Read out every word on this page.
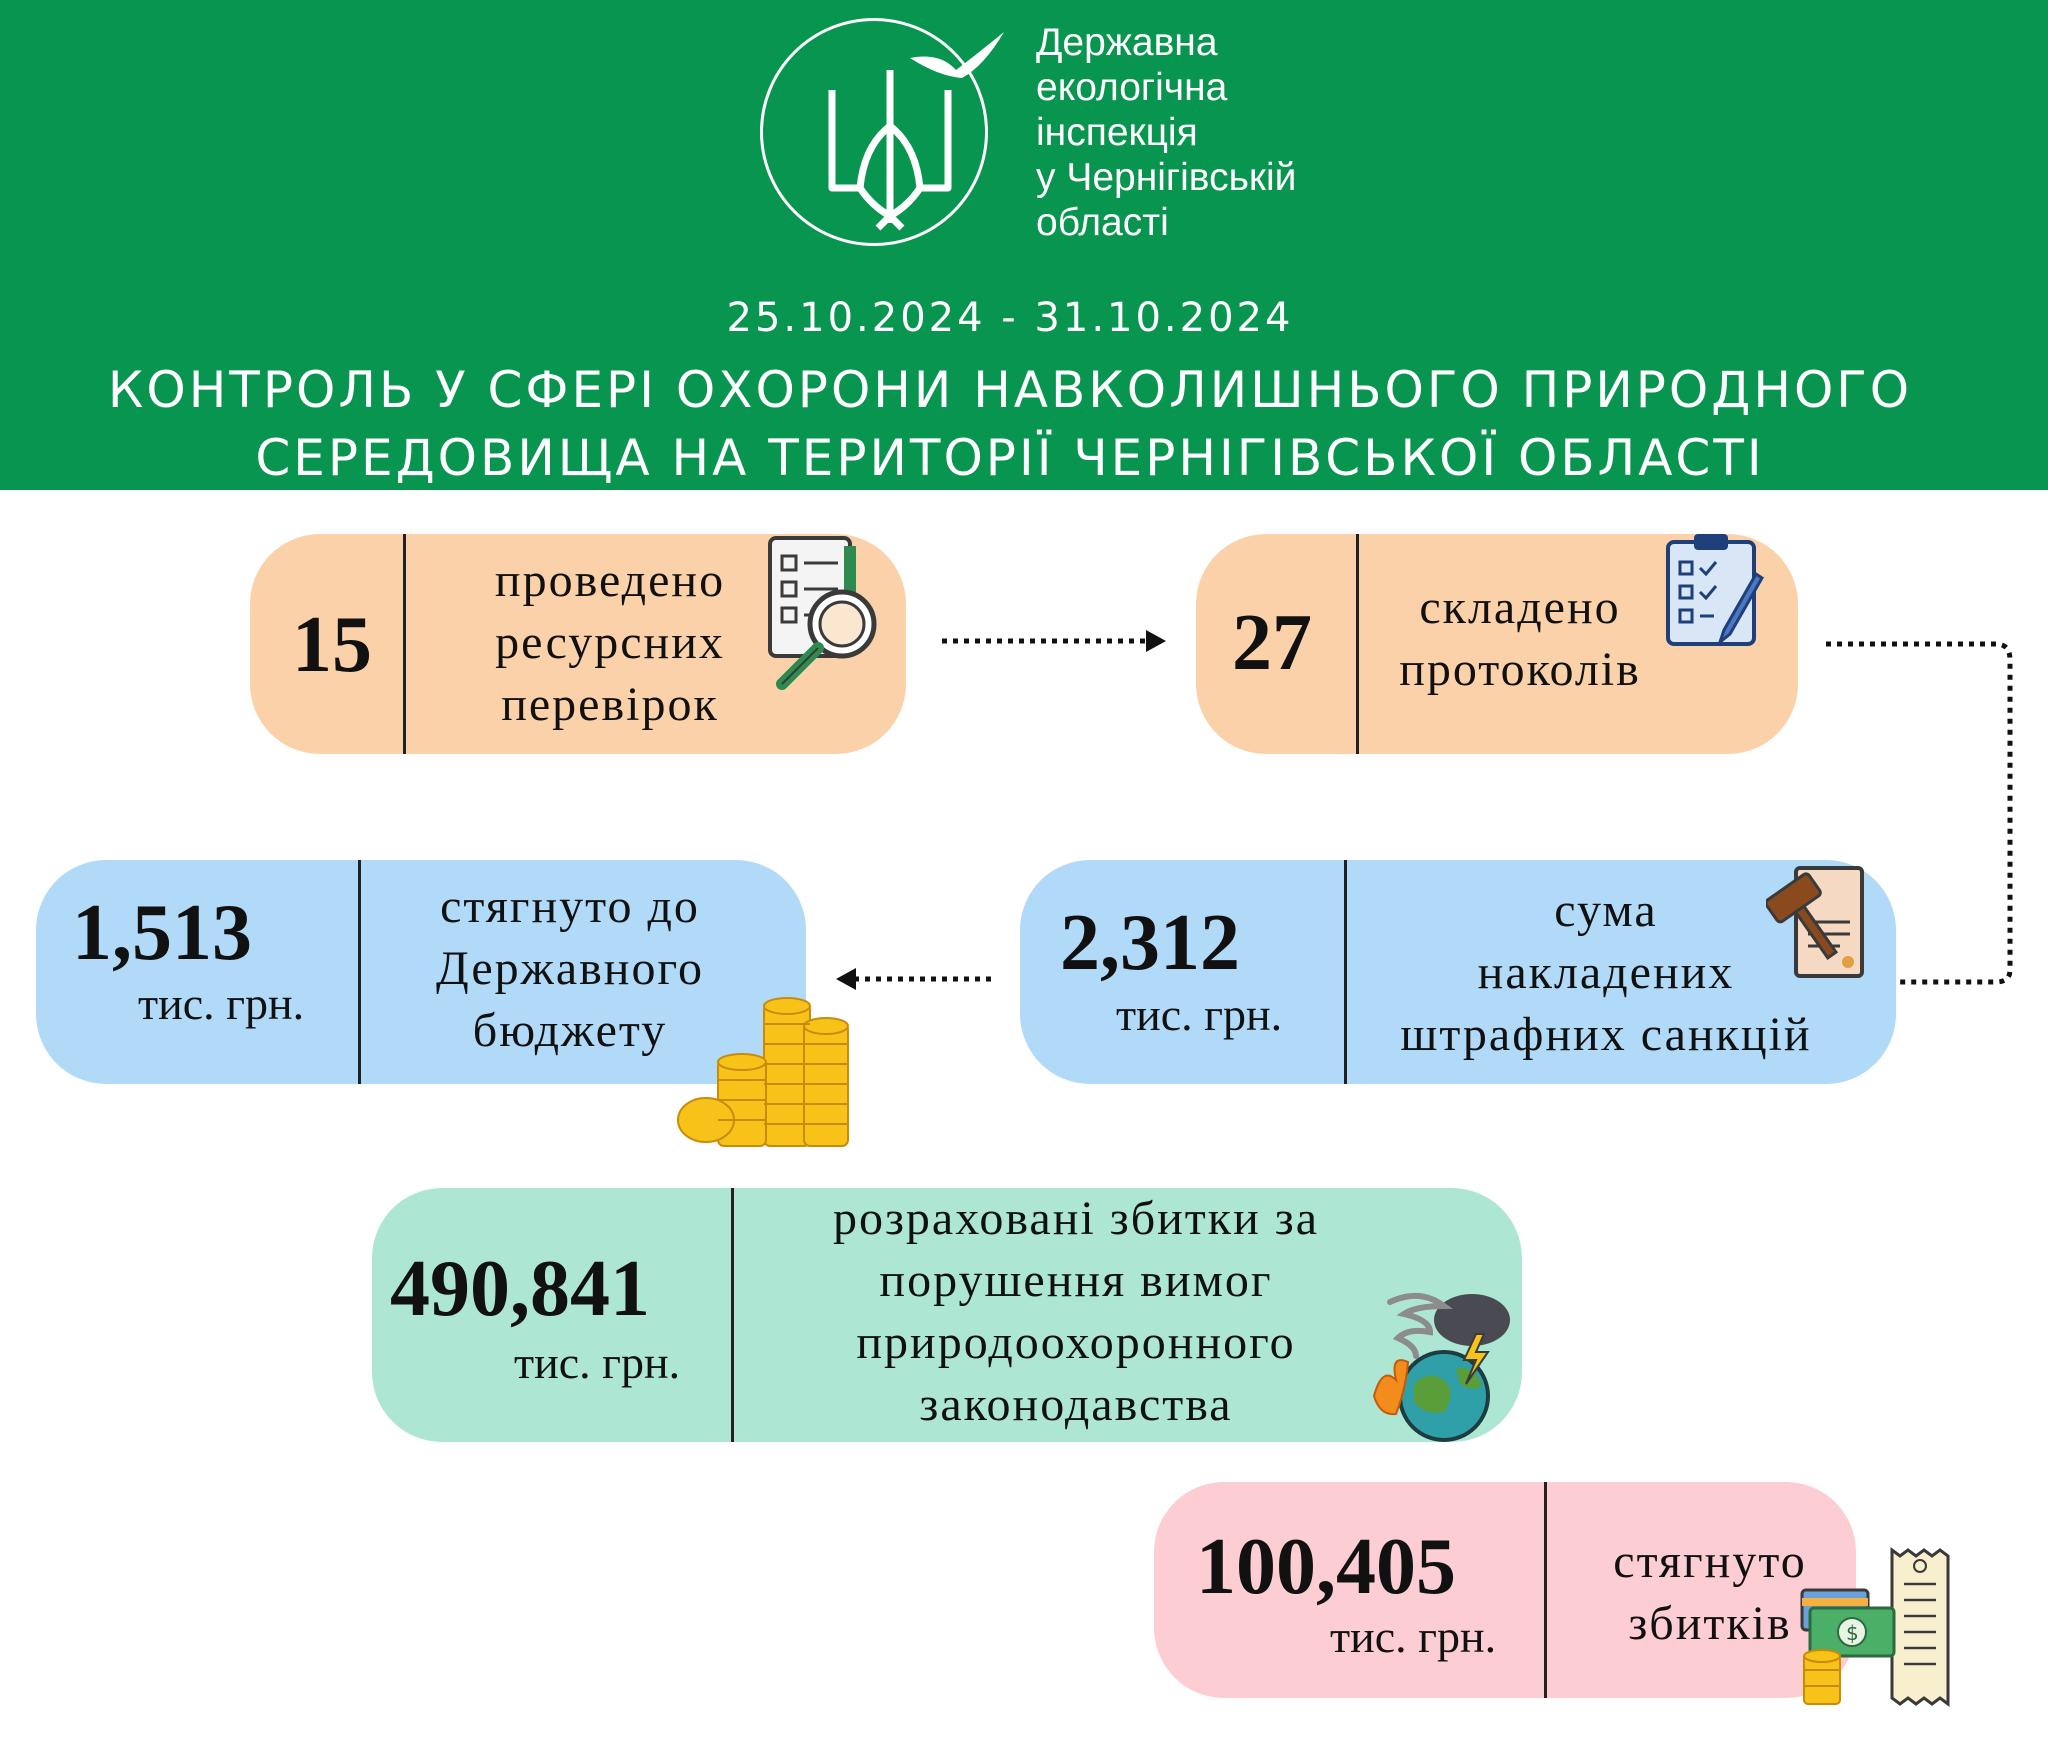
Державна
екологічна
інспекція
у Чернігівській
області
25.10.2024 - 31.10.2024
КОНТРОЛЬ У СФЕРІ ОХОРОНИ НАВКОЛИШНЬОГО ПРИРОДНОГО
СЕРЕДОВИЩА НА ТЕРИТОРІЇ ЧЕРНІГІВСЬКОЇ ОБЛАСТІ
15
проведено
ресурсних
перевірок
27	складено
протоколів
2,312
тис. грн.
сума
накладених
штрафних санкцій
1,513
тис. грн.
стягнуто до
Державного
бюджету
490,841
тис. грн.
розраховані збитки за
порушення вимог
природоохоронного
законодавства
100,405
тис. грн.
стягнуто
збитків	$
